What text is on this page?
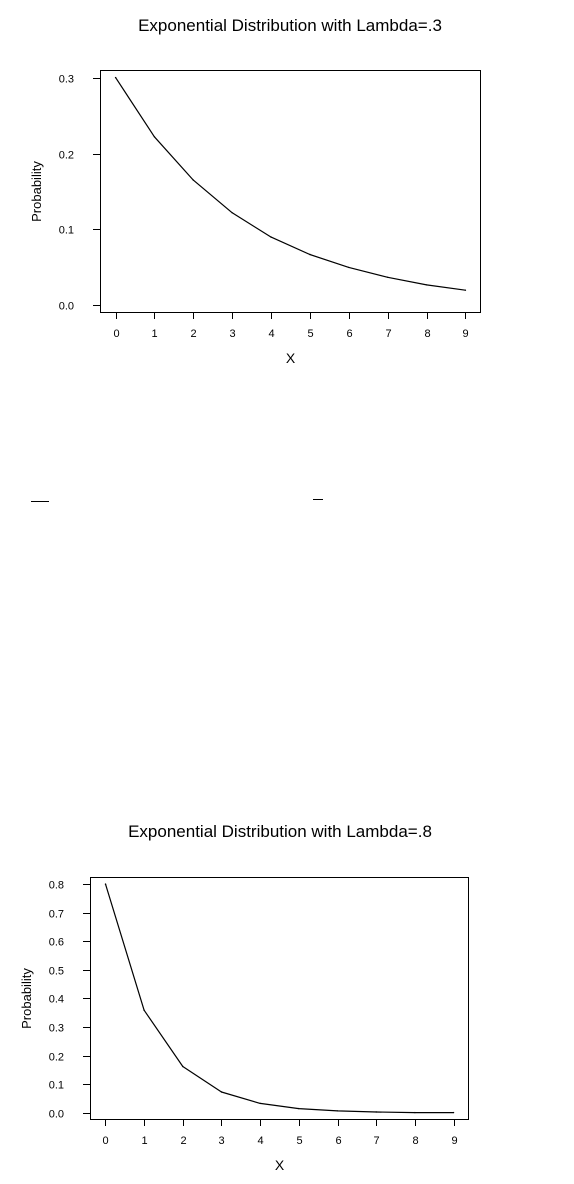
Exponential Distribution with Lambda=.3
0.0
0.1
0.2
0.3
0	1	2	3	4	5	6	7	8	9
X
Probability
Exponential Distribution with Lambda=.8
0.0
0.1
0.2
0.3
0.4
0.5
0.6
0.7
0.8
0	1	2	3	4	5	6	7	8	9
X
Probability
